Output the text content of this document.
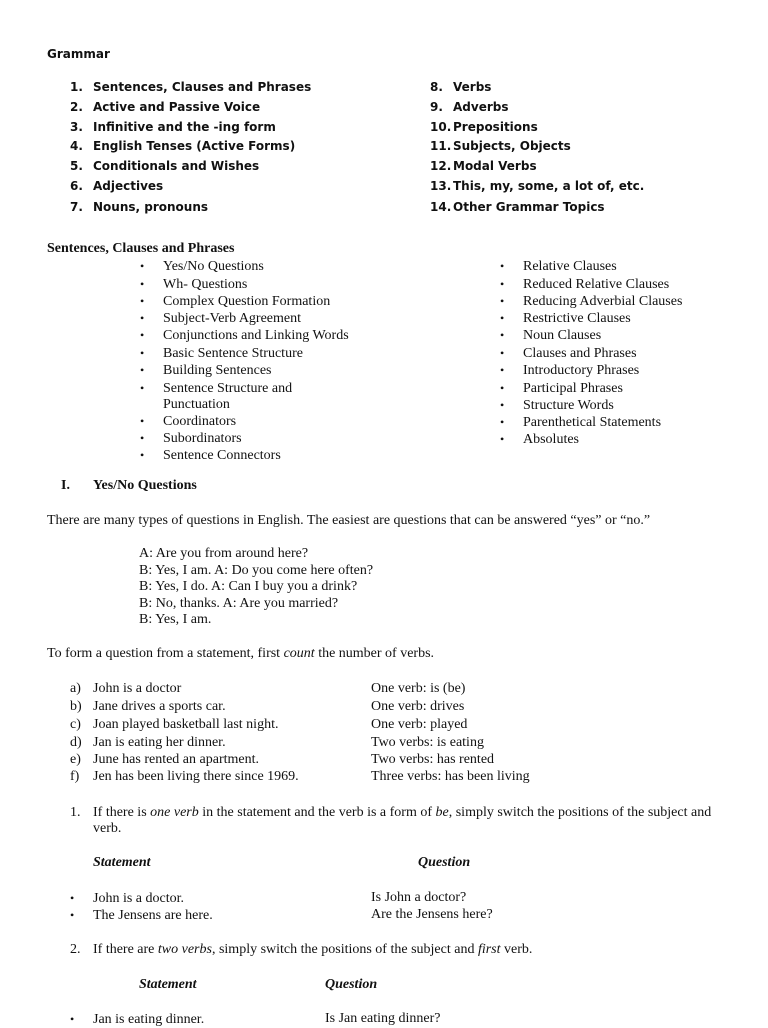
Grammar
1. Sentences, Clauses and Phrases
2. Active and Passive Voice
3. Infinitive and the -ing form
4. English Tenses (Active Forms)
5. Conditionals and Wishes
6. Adjectives
7. Nouns, pronouns
8. Verbs
9. Adverbs
10. Prepositions
11. Subjects, Objects
12. Modal Verbs
13. This, my, some, a lot of, etc.
14. Other Grammar Topics
Sentences, Clauses and Phrases
• Yes/No Questions
• Wh- Questions
• Complex Question Formation
• Subject-Verb Agreement
• Conjunctions and Linking Words
• Basic Sentence Structure
• Building Sentences
• Sentence Structure and
Punctuation
• Coordinators
• Subordinators
• Sentence Connectors
• Relative Clauses
• Reduced Relative Clauses
• Reducing Adverbial Clauses
• Restrictive Clauses
• Noun Clauses
• Clauses and Phrases
• Introductory Phrases
• Participal Phrases
• Structure Words
• Parenthetical Statements
• Absolutes
I. Yes/No Questions
There are many types of questions in English. The easiest are questions that can be answered “yes” or “no.”
A: Are you from around here?
B: Yes, I am. A: Do you come here often?
B: Yes, I do. A: Can I buy you a drink?
B: No, thanks. A: Are you married?
B: Yes, I am.
To form a question from a statement, first count the number of verbs.
a) John is a doctor	One verb: is (be)
b) Jane drives a sports car.	One verb: drives
c) Joan played basketball last night.	One verb: played
d) Jan is eating her dinner.	Two verbs: is eating
e) June has rented an apartment.	Two verbs: has rented
f) Jen has been living there since 1969.	Three verbs: has been living
1. If there is one verb in the statement and the verb is a form of be, simply switch the positions of the subject and
verb.
Statement	Question
• John is a doctor.	Is John a doctor?
• The Jensens are here.	Are the Jensens here?
2. If there are two verbs, simply switch the positions of the subject and first verb.
Statement	Question
• Jan is eating dinner.	Is Jan eating dinner?
